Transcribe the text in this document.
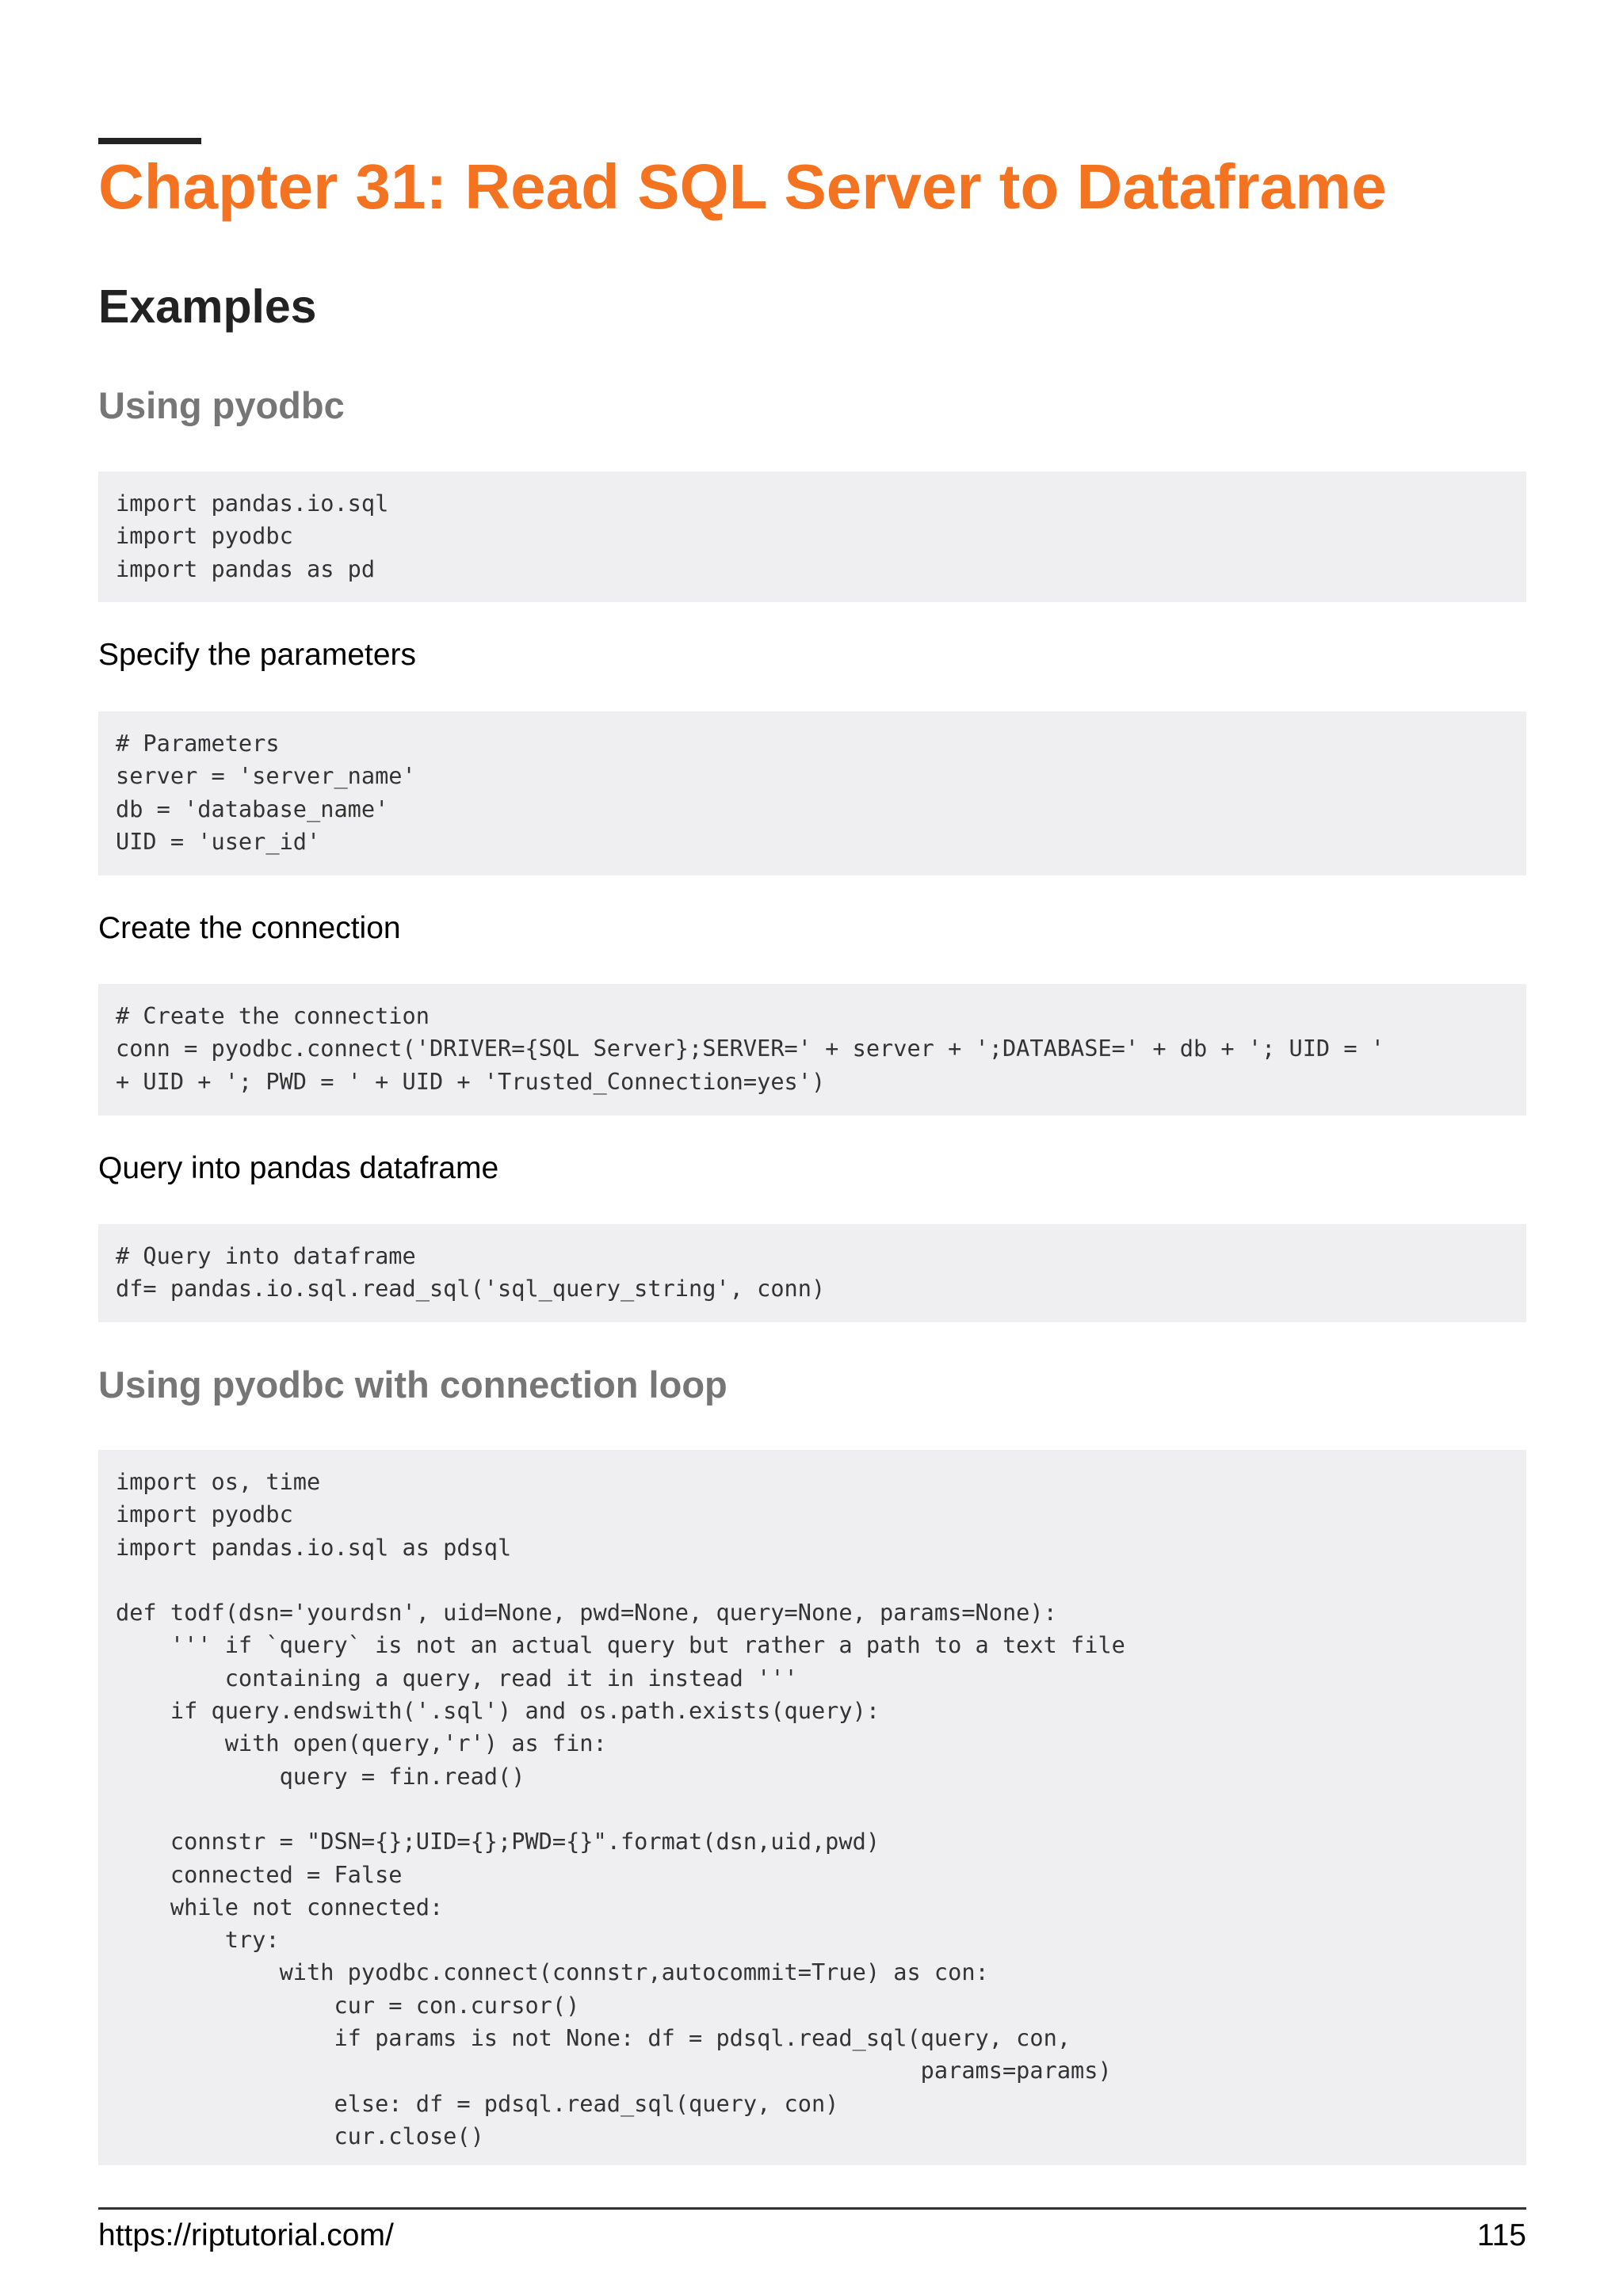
Chapter 31: Read SQL Server to Dataframe
Examples
Using pyodbc
import pandas.io.sql
import pyodbc
import pandas as pd

Specify the parameters

# Parameters
server = 'server_name'
db = 'database_name'
UID = 'user_id'

Create the connection

# Create the connection
conn = pyodbc.connect('DRIVER={SQL Server};SERVER=' + server + ';DATABASE=' + db + '; UID = '
+ UID + '; PWD = ' + UID + 'Trusted_Connection=yes')

Query into pandas dataframe

# Query into dataframe
df= pandas.io.sql.read_sql('sql_query_string', conn)
Using pyodbc with connection loop
import os, time
import pyodbc
import pandas.io.sql as pdsql

def todf(dsn='yourdsn', uid=None, pwd=None, query=None, params=None):
''' if `query` is not an actual query but rather a path to a text file
containing a query, read it in instead '''
if query.endswith('.sql') and os.path.exists(query):
with open(query,'r') as fin:
query = fin.read()

connstr = "DSN={};UID={};PWD={}".format(dsn,uid,pwd)
connected = False
while not connected:
try:
with pyodbc.connect(connstr,autocommit=True) as con:
cur = con.cursor()
if params is not None: df = pdsql.read_sql(query, con,
params=params)
else: df = pdsql.read_sql(query, con)
cur.close()
https://riptutorial.com/	115
